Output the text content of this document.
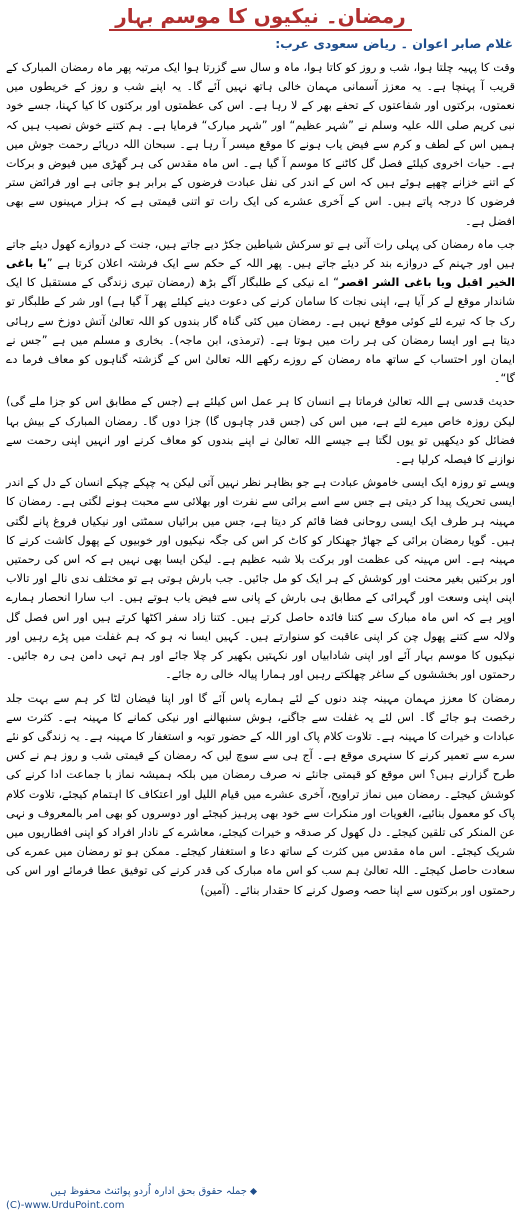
رمضان۔ نیکیوں کا موسم بہار
غلام صابر اعوان ۔ ریاض سعودی عرب:

وقت کا پہیہ چلتا ہوا، شب و روز کو کاتا ہوا، ماہ و سال سے گزرتا ہوا ایک مرتبہ پھر ماہ رمضان المبارک کے قریب آ پہنچا ہے۔ یہ معزز آسمانی مہمان خالی ہاتھ نہیں آئے گا۔ یہ اپنے شب و روز کے خریطوں میں نعمتوں، برکتوں اور شفاعتوں کے تحفے بھر کے لا رہا ہے۔ اس کی عظمتوں اور برکتوں کا کیا کہنا، جسے خود نبی کریم صلی اللہ علیہ وسلم نے ”شہر عظیم“ اور ”شہر مبارک“ فرمایا ہے۔ ہم کتنے خوش نصیب ہیں کہ ہمیں اس کے لطف و کرم سے فیض یاب ہونے کا موقع میسر آ رہا ہے۔ سبحان اللہ دریائے رحمت جوش میں ہے۔ حیات اخروی کیلئے فصل گل کاٹنے کا موسم آ گیا ہے۔ اس ماہ مقدس کی ہر گھڑی میں فیوض و برکات کے اتنے خزانے چھپے ہوئے ہیں کہ اس کے اندر کی نفل عبادت فرضوں کے برابر ہو جاتی ہے اور فرائض ستر فرضوں کا درجہ پاتے ہیں۔ اس کے آخری عشرے کی ایک رات تو اتنی قیمتی ہے کہ ہزار مہینوں سے بھی افضل ہے۔

جب ماہ رمضان کی پہلی رات آتی ہے تو سرکش شیاطین جکڑ دیے جاتے ہیں، جنت کے دروازے کھول دیئے جاتے ہیں اور جہنم کے دروازے بند کر دیئے جاتے ہیں۔ پھر اللہ کے حکم سے ایک فرشتہ اعلان کرتا ہے ”یا باغی الخیر اقبل ویا باغی الشر اقصر“ اے نیکی کے طلبگار آگے بڑھ (رمضان تیری زندگی کے مستقبل کا ایک شاندار موقع لے کر آیا ہے، اپنی نجات کا سامان کرنے کی دعوت دینے کیلئے پھر آ گیا ہے) اور شر کے طلبگار تو رک جا کہ تیرے لئے کوئی موقع نہیں ہے۔ رمضان میں کئی گناہ گار بندوں کو اللہ تعالیٰ آتش دوزخ سے رہائی دیتا ہے اور ایسا رمضان کی ہر رات میں ہوتا ہے۔ (ترمذی، ابن ماجہ)۔ بخاری و مسلم میں ہے ”جس نے ایمان اور احتساب کے ساتھ ماہ رمضان کے روزے رکھے اللہ تعالیٰ اس کے گزشتہ گناہوں کو معاف فرما دے گا“۔

حدیث قدسی ہے اللہ تعالیٰ فرماتا ہے انسان کا ہر عمل اس کیلئے ہے (جس کے مطابق اس کو جزا ملے گی) لیکن روزہ خاص میرے لئے ہے، میں اس کی (جس قدر چاہوں گا) جزا دوں گا۔ رمضان المبارک کے بیش بہا فضائل کو دیکھیں تو یوں لگتا ہے جیسے اللہ تعالیٰ نے اپنے بندوں کو معاف کرنے اور انہیں اپنی رحمت سے نوازنے کا فیصلہ کرلیا ہے۔

ویسے تو روزہ ایک ایسی خاموش عبادت ہے جو بظاہر نظر نہیں آتی لیکن یہ چپکے چپکے انسان کے دل کے اندر ایسی تحریک پیدا کر دیتی ہے جس سے اسے برائی سے نفرت اور بھلائی سے محبت ہونے لگتی ہے۔ رمضان کا مہینہ ہر طرف ایک ایسی روحانی فضا قائم کر دیتا ہے، جس میں برائیاں سمٹتی اور نیکیاں فروغ پانے لگتی ہیں۔ گویا رمضان برائی کے جھاڑ جھنکار کو کاٹ کر اس کی جگہ نیکیوں اور خوبیوں کے پھول کاشت کرنے کا مہینہ ہے۔ اس مہینہ کی عظمت اور برکت بلا شبہ عظیم ہے۔ لیکن ایسا بھی نہیں ہے کہ اس کی رحمتیں اور برکتیں بغیر محنت اور کوشش کے ہر ایک کو مل جائیں۔ جب بارش ہوتی ہے تو مختلف ندی نالے اور تالاب اپنی اپنی وسعت اور گہرائی کے مطابق ہی بارش کے پانی سے فیض یاب ہوتے ہیں۔ اب سارا انحصار ہمارے اوپر ہے کہ اس ماہ مبارک سے کتنا فائدہ حاصل کرتے ہیں۔ کتنا زاد سفر اکٹھا کرتے ہیں اور اس فصل گل ولالہ سے کتنے پھول چن کر اپنی عاقبت کو سنوارتے ہیں۔ کہیں ایسا نہ ہو کہ ہم غفلت میں پڑے رہیں اور نیکیوں کا موسم بہار آئے اور اپنی شادابیاں اور نکہتیں بکھیر کر چلا جائے اور ہم تہی دامن ہی رہ جائیں۔ رحمتوں اور بخششوں کے ساغر چھلکتے رہیں اور ہمارا پیالہ خالی رہ جائے۔

رمضان کا معزز مہمان مہینہ چند دنوں کے لئے ہمارے پاس آئے گا اور اپنا فیضان لٹا کر ہم سے بہت جلد رخصت ہو جائے گا۔ اس لئے یہ غفلت سے جاگنے، ہوش سنبھالنے اور نیکی کمانے کا مہینہ ہے۔ کثرت سے عبادات و خیرات کا مہینہ ہے۔ تلاوت کلام پاک اور اللہ کے حضور توبہ و استغفار کا مہینہ ہے۔ یہ زندگی کو نئے سرے سے تعمیر کرنے کا سنہری موقع ہے۔ آج ہی سے سوچ لیں کہ رمضان کے قیمتی شب و روز ہم نے کس طرح گزارنے ہیں؟ اس موقع کو قیمتی جانئے نہ صرف رمضان میں بلکہ ہمیشہ نماز با جماعت ادا کرنے کی کوشش کیجئے۔ رمضان میں نماز تراویح، آخری عشرے میں قیام اللیل اور اعتکاف کا اہتمام کیجئے، تلاوت کلام پاک کو معمول بنائیے، الغویات اور منکرات سے خود بھی پرہیز کیجئے اور دوسروں کو بھی امر بالمعروف و نہی عن المنکر کی تلقین کیجئے۔ دل کھول کر صدقہ و خیرات کیجئے، معاشرے کے نادار افراد کو اپنی افطاریوں میں شریک کیجئے۔ اس ماہ مقدس میں کثرت کے ساتھ دعا و استغفار کیجئے۔ ممکن ہو تو رمضان میں عمرے کی سعادت حاصل کیجئے۔ اللہ تعالیٰ ہم سب کو اس ماہ مبارک کی قدر کرنے کی توفیق عطا فرمائے اور اس کی رحمتوں اور برکتوں سے اپنا حصہ وصول کرنے کا حقدار بنائے۔ (آمین)

جملہ حقوق بحق ادارہ اُردو پوائنٹ محفوظ ہیں
(C)-www.UrduPoint.com
